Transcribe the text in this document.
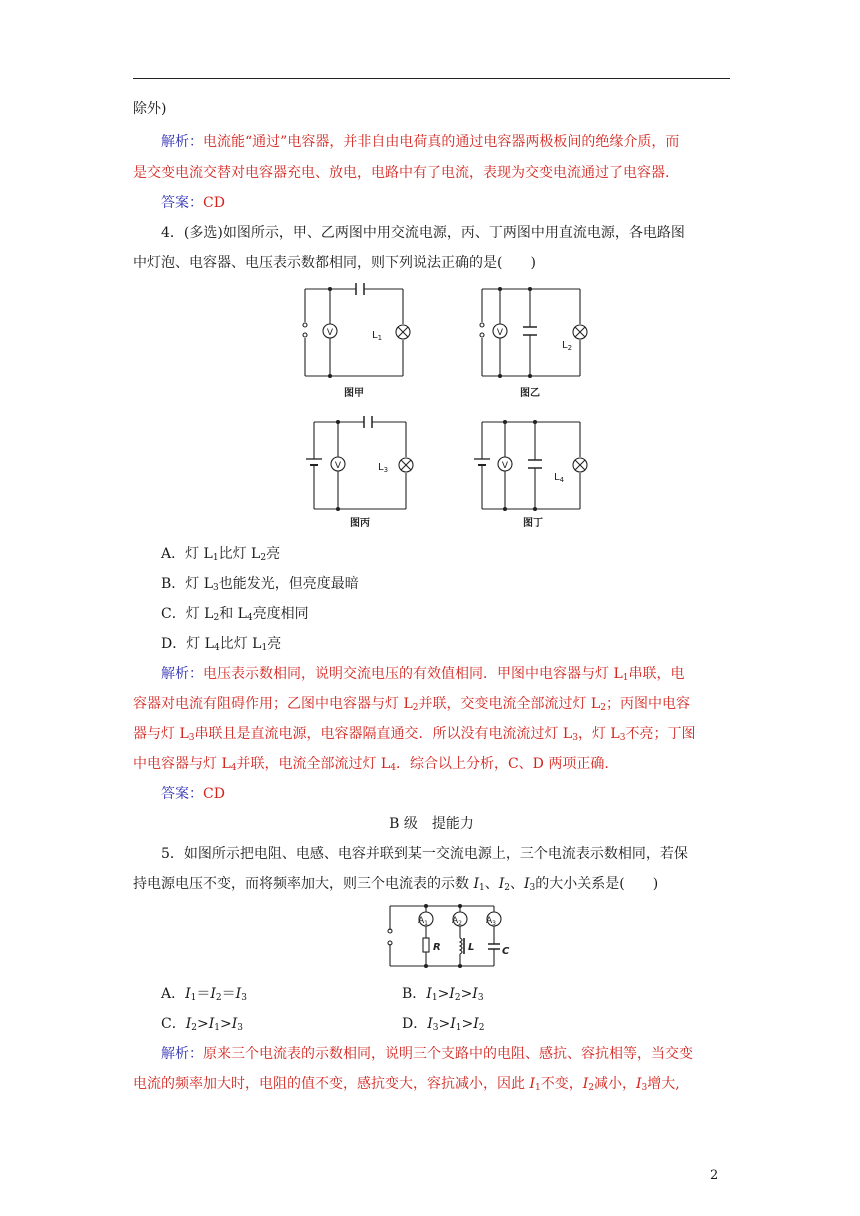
除外)
解析：电流能“通过”电容器，并非自由电荷真的通过电容器两极板间的绝缘介质，而
是交变电流交替对电容器充电、放电，电路中有了电流，表现为交变电流通过了电容器.
答案：CD
4．(多选)如图所示，甲、乙两图中用交流电源，丙、丁两图中用直流电源，各电路图
中灯泡、电容器、电压表示数都相同，则下列说法正确的是(　　)
V	$L_1$
图甲
V
$L_2$
图乙
V	$L_3$
图丙
V
$L_4$
图丁
A．灯 $L_1$比灯 $L_2$亮
B．灯 $L_3$也能发光，但亮度最暗
C．灯 $L_2$和 $L_4$亮度相同
D．灯 $L_4$比灯 $L_1$亮
解析：电压表示数相同，说明交流电压的有效值相同．甲图中电容器与灯 $L_1$串联，电
容器对电流有阻碍作用；乙图中电容器与灯 $L_2$并联，交变电流全部流过灯 $L_2$；丙图中电容
器与灯 $L_3$串联且是直流电源，电容器隔直通交．所以没有电流流过灯 $L_3$，灯 $L_3$不亮；丁图
中电容器与灯 $L_4$并联，电流全部流过灯 $L_4$．综合以上分析，C、D 两项正确.
答案：CD
B 级　提能力
5．如图所示把电阻、电感、电容并联到某一交流电源上，三个电流表示数相同，若保
持电源电压不变，而将频率加大，则三个电流表的示数 $I_1$、$I_2$、$I_3$的大小关系是(　　)
$A_1$	$A_2$	$A_3$
R	L	C
A．$I_1=I_2=I_3$	B．$I_1>I_2>I_3$
C．$I_2>I_1>I_3$	D．$I_3>I_1>I_2$
解析：原来三个电流表的示数相同，说明三个支路中的电阻、感抗、容抗相等，当交变
电流的频率加大时，电阻的值不变，感抗变大，容抗减小，因此 $I_1$不变，$I_2$减小，$I_3$增大,
2
